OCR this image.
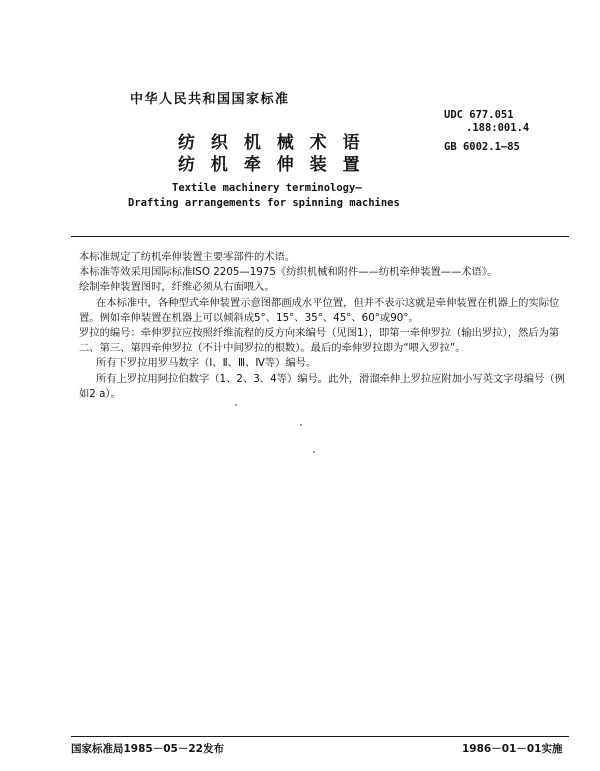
中华人民共和国国家标准
UDC 677.051
.188:001.4
GB 6002.1—85
纺 织 机 械 术 语
纺 机 牵 伸 装 置
Textile machinery terminology—
Drafting arrangements for spinning machines

本标准规定了纺机牵伸装置主要零部件的术语。

本标准等效采用国际标准ISO 2205—1975《纺织机械和附件——纺机牵伸装置——术语》。

绘制牵伸装置图时，纤维必须从右面喂入。

在本标准中，各种型式牵伸装置示意图都画成水平位置，但并不表示这就是牵伸装置在机器上的实际位置。例如牵伸装置在机器上可以倾斜成5°、15°、35°、45°、60°或90°。

罗拉的编号：牵伸罗拉应按照纤维流程的反方向来编号（见图1），即第一牵伸罗拉（输出罗拉），然后为第二、第三、第四牵伸罗拉（不计中间罗拉的根数）。最后的牵伸罗拉即为“喂入罗拉”。

所有下罗拉用罗马数字（Ⅰ、Ⅱ、Ⅲ、Ⅳ等）编号。

所有上罗拉用阿拉伯数字（1、2、3、4等）编号。此外，滑溜牵伸上罗拉应附加小写英文字母编号（例如2 a）。

国家标准局1985－05－22发布	1986－01－01实施
